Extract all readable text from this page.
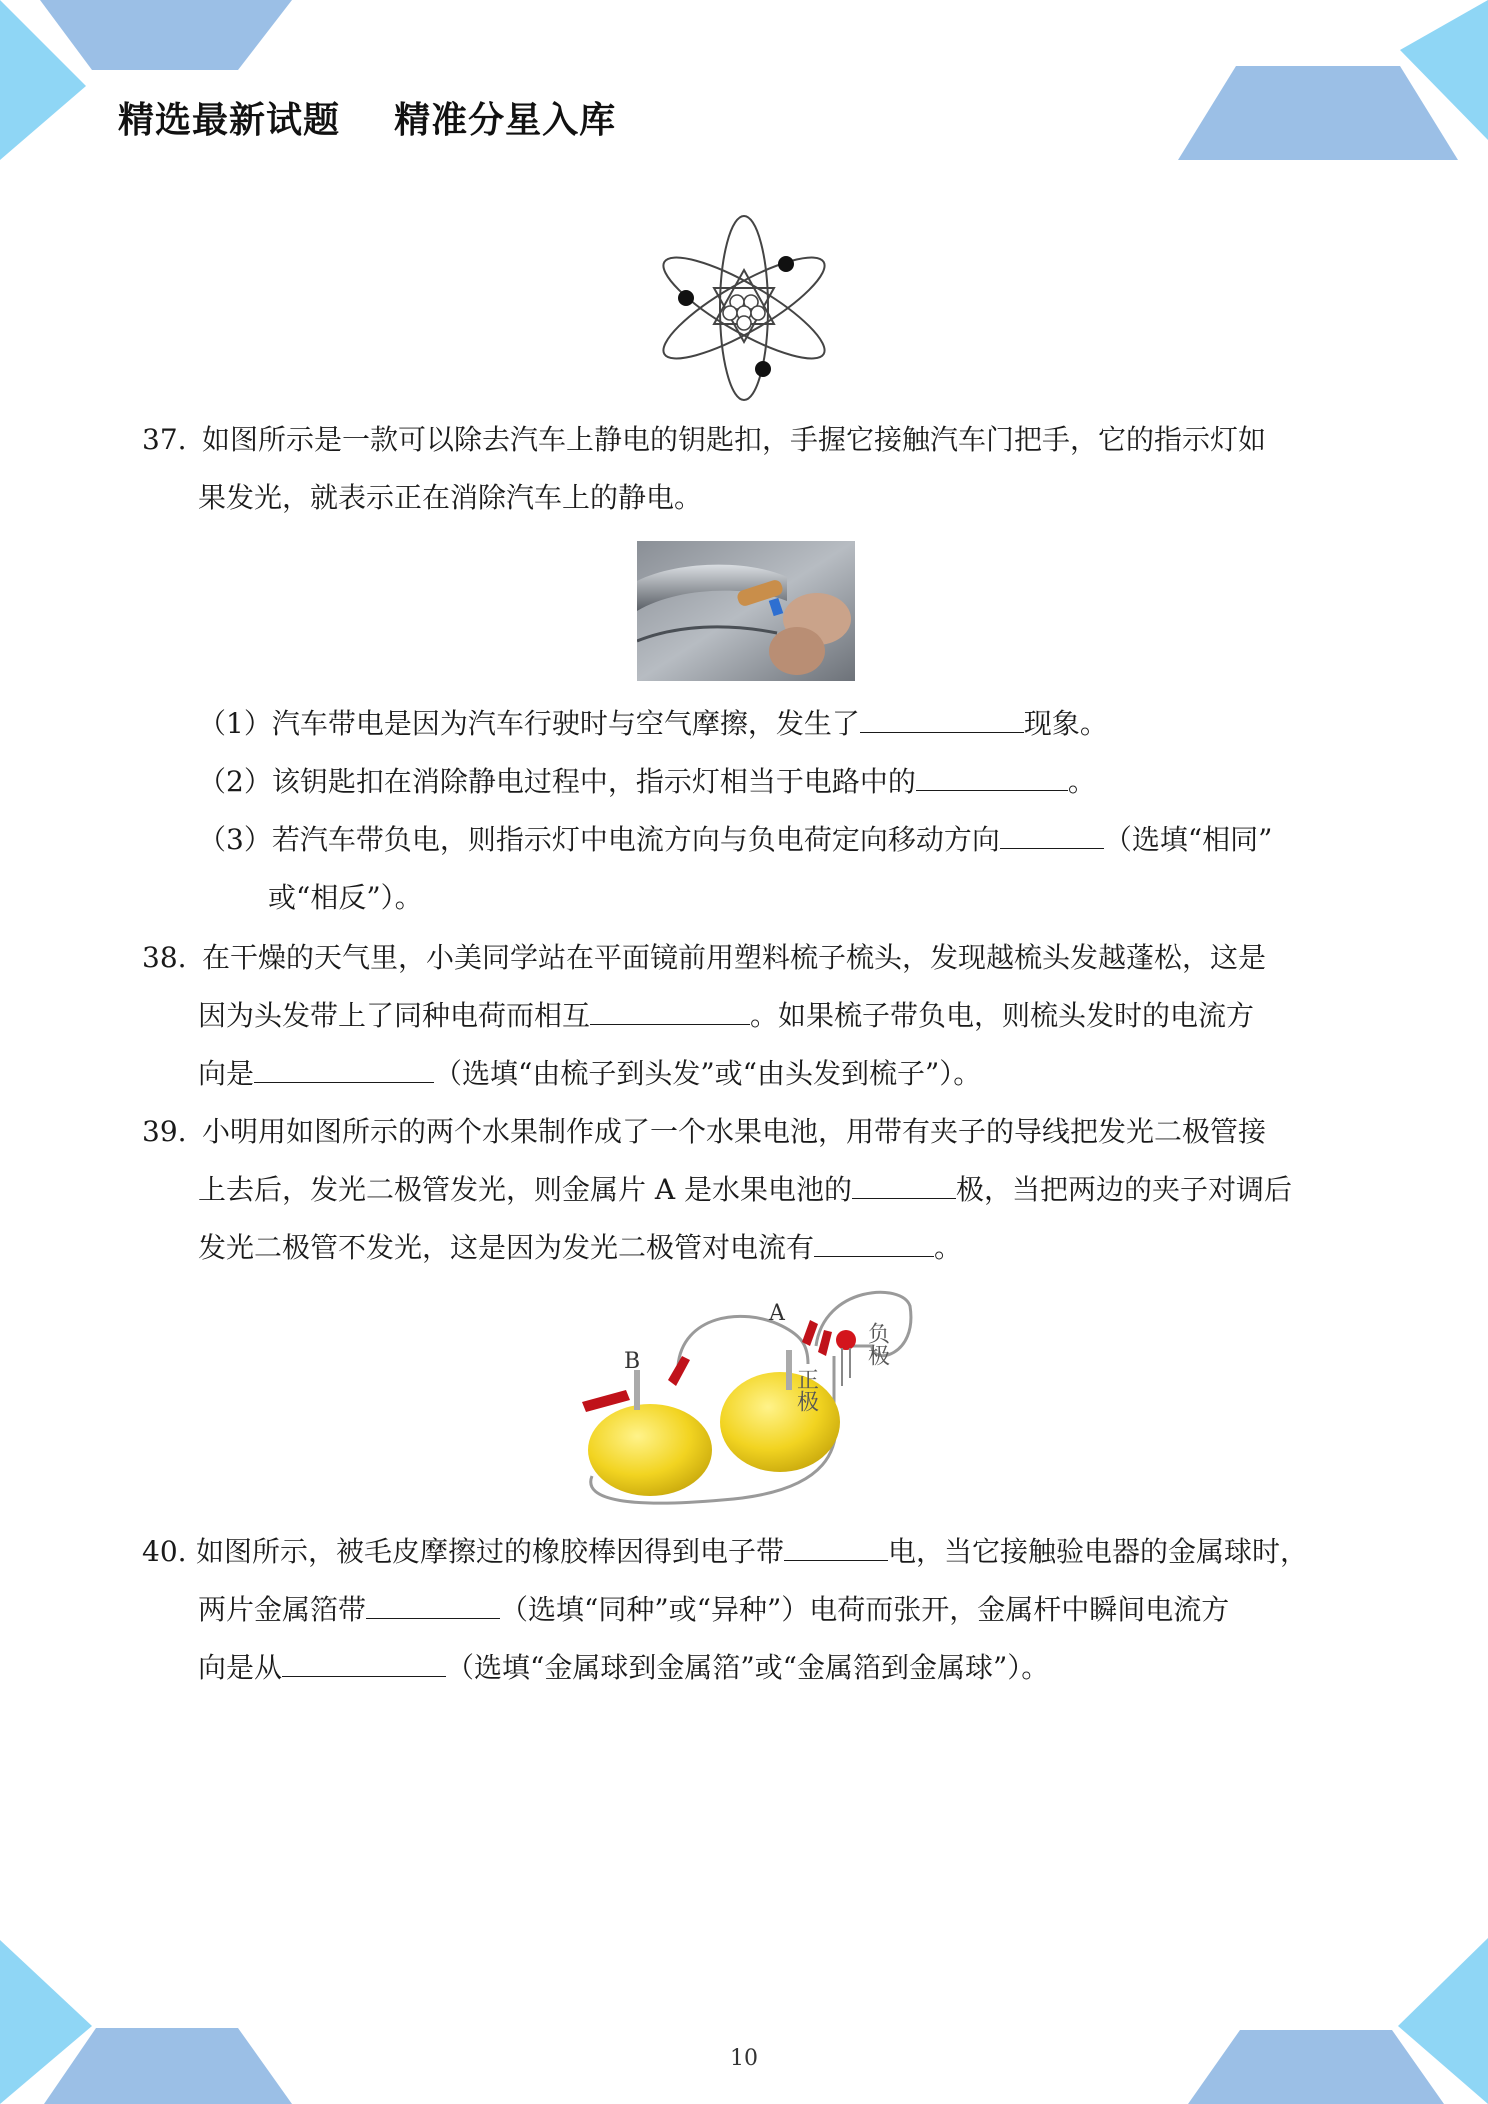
精选最新试题    精准分星入库
37. 如图所示是一款可以除去汽车上静电的钥匙扣，手握它接触汽车门把手，它的指示灯如
果发光，就表示正在消除汽车上的静电。
（1）汽车带电是因为汽车行驶时与空气摩擦，发生了	现象。
（2）该钥匙扣在消除静电过程中，指示灯相当于电路中的	。
（3）若汽车带负电，则指示灯中电流方向与负电荷定向移动方向	（选填“相同”
或“相反”）。
38. 在干燥的天气里，小美同学站在平面镜前用塑料梳子梳头，发现越梳头发越蓬松，这是
因为头发带上了同种电荷而相互	。如果梳子带负电，则梳头发时的电流方
向是	（选填“由梳子到头发”或“由头发到梳子”）。
39. 小明用如图所示的两个水果制作成了一个水果电池，用带有夹子的导线把发光二极管接
上去后，发光二极管发光，则金属片 A 是水果电池的	极，当把两边的夹子对调后
发光二极管不发光，这是因为发光二极管对电流有	。
A
B
正极
负极
40. 如图所示，被毛皮摩擦过的橡胶棒因得到电子带	电，当它接触验电器的金属球时，
两片金属箔带	（选填“同种”或“异种”）电荷而张开，金属杆中瞬间电流方
向是从	（选填“金属球到金属箔”或“金属箔到金属球”）。
10
